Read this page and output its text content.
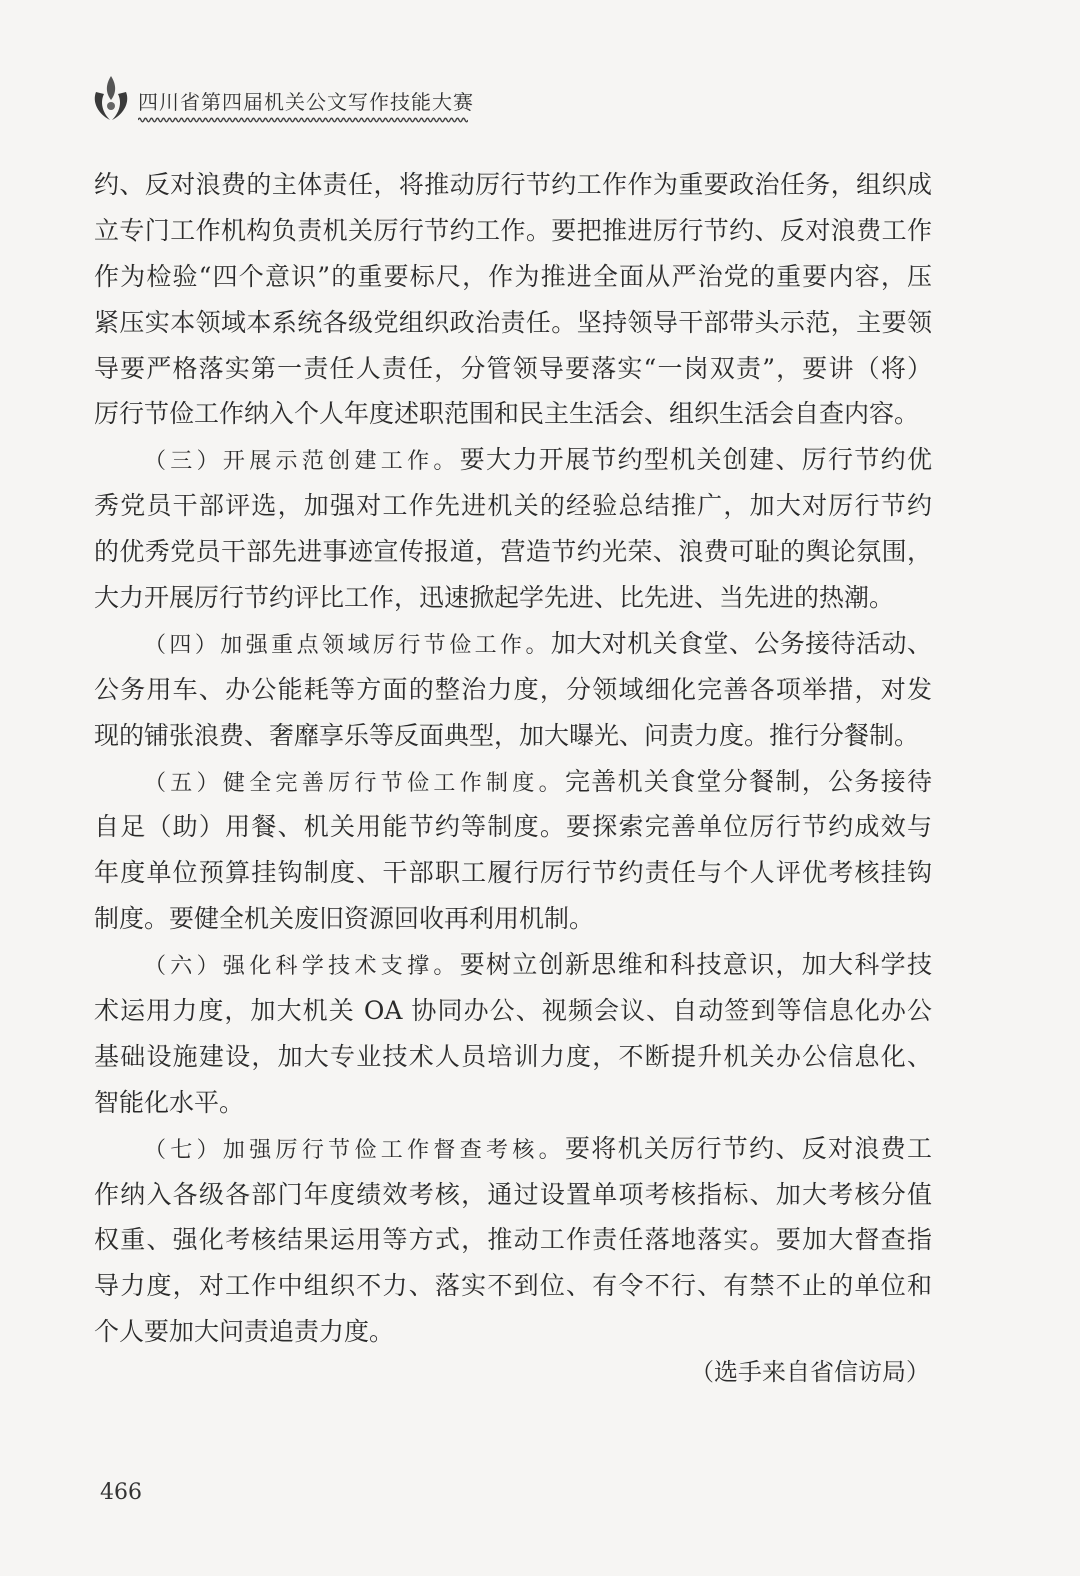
四川省第四届机关公文写作技能大赛
约、反对浪费的主体责任，将推动厉行节约工作作为重要政治任务，组织成
立专门工作机构负责机关厉行节约工作。要把推进厉行节约、反对浪费工作
作为检验“四个意识”的重要标尺，作为推进全面从严治党的重要内容，压
紧压实本领域本系统各级党组织政治责任。坚持领导干部带头示范，主要领
导要严格落实第一责任人责任，分管领导要落实“一岗双责”，要讲（将）
厉行节俭工作纳入个人年度述职范围和民主生活会、组织生活会自查内容。
（三）开展示范创建工作。要大力开展节约型机关创建、厉行节约优
秀党员干部评选，加强对工作先进机关的经验总结推广，加大对厉行节约
的优秀党员干部先进事迹宣传报道，营造节约光荣、浪费可耻的舆论氛围，
大力开展厉行节约评比工作，迅速掀起学先进、比先进、当先进的热潮。
（四）加强重点领域厉行节俭工作。加大对机关食堂、公务接待活动、
公务用车、办公能耗等方面的整治力度，分领域细化完善各项举措，对发
现的铺张浪费、奢靡享乐等反面典型，加大曝光、问责力度。推行分餐制。
（五）健全完善厉行节俭工作制度。完善机关食堂分餐制，公务接待
自足（助）用餐、机关用能节约等制度。要探索完善单位厉行节约成效与
年度单位预算挂钩制度、干部职工履行厉行节约责任与个人评优考核挂钩
制度。要健全机关废旧资源回收再利用机制。
（六）强化科学技术支撑。要树立创新思维和科技意识，加大科学技
术运用力度，加大机关 OA 协同办公、视频会议、自动签到等信息化办公
基础设施建设，加大专业技术人员培训力度，不断提升机关办公信息化、
智能化水平。
（七）加强厉行节俭工作督查考核。要将机关厉行节约、反对浪费工
作纳入各级各部门年度绩效考核，通过设置单项考核指标、加大考核分值
权重、强化考核结果运用等方式，推动工作责任落地落实。要加大督查指
导力度，对工作中组织不力、落实不到位、有令不行、有禁不止的单位和
个人要加大问责追责力度。
（选手来自省信访局）
466
